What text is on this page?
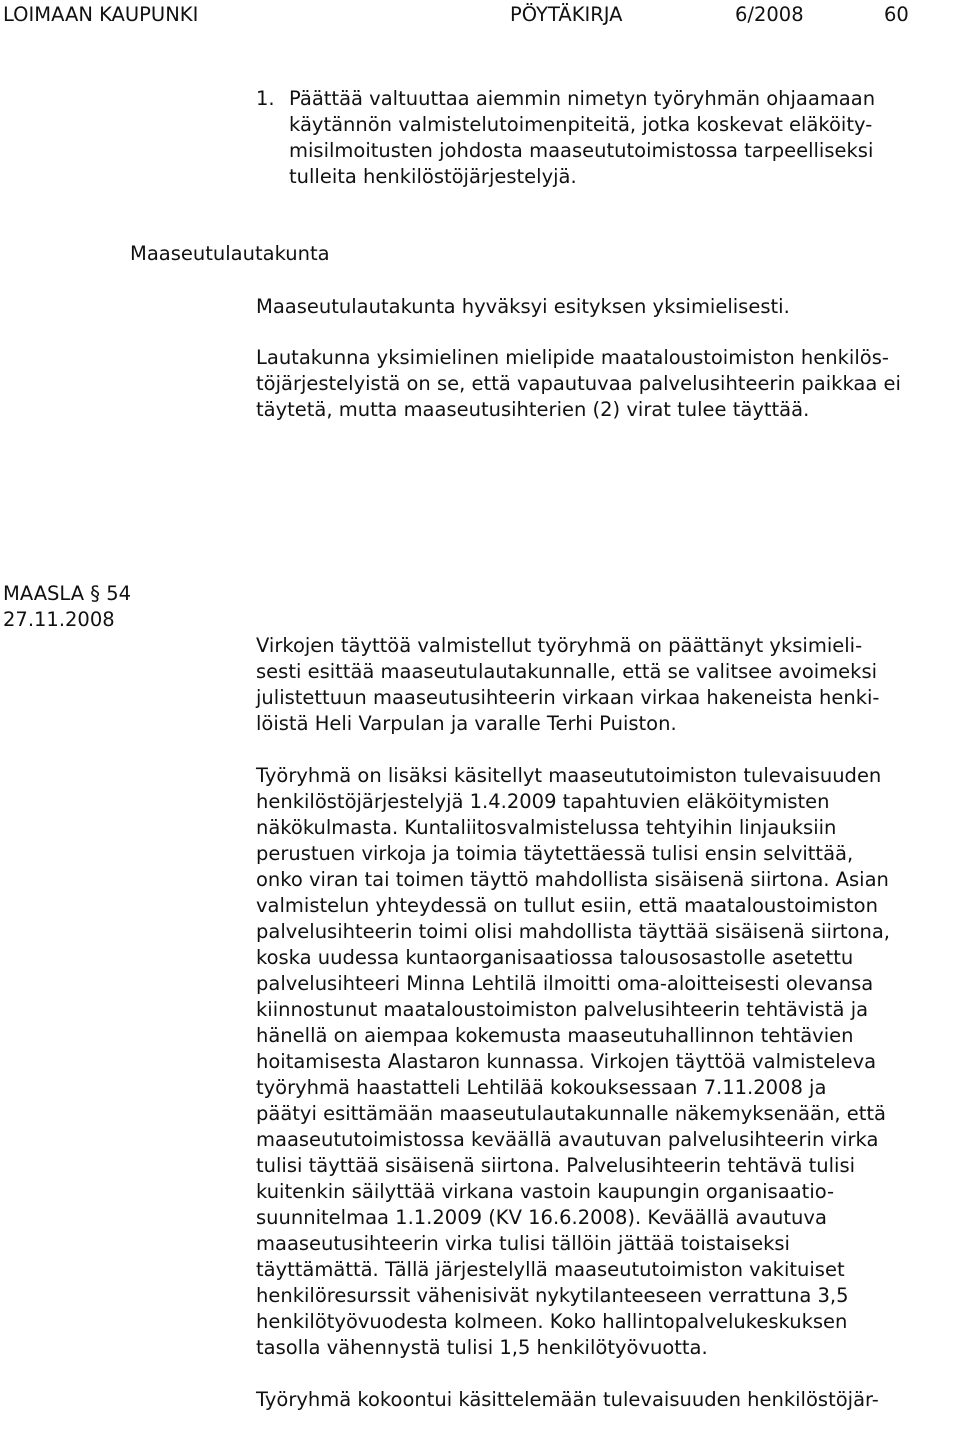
LOIMAAN KAUPUNKI	PÖYTÄKIRJA	6/2008	60
1. Päättää valtuuttaa aiemmin nimetyn työryhmän ohjaamaan
käytännön valmistelutoimenpiteitä, jotka koskevat eläköity-
misilmoitusten johdosta maaseututoimistossa tarpeelliseksi
tulleita henkilöstöjärjestelyjä.
Maaseutulautakunta
Maaseutulautakunta hyväksyi esityksen yksimielisesti.
Lautakunna yksimielinen mielipide maataloustoimiston henkilös-
töjärjestelyistä on se, että vapautuvaa palvelusihteerin paikkaa ei
täytetä, mutta maaseutusihterien (2) virat tulee täyttää.
MAASLA § 54
27.11.2008
Virkojen täyttöä valmistellut työryhmä on päättänyt yksimieli-
sesti esittää maaseutulautakunnalle, että se valitsee avoimeksi
julistettuun maaseutusihteerin virkaan virkaa hakeneista henki-
löistä Heli Varpulan ja varalle Terhi Puiston.
Työryhmä on lisäksi käsitellyt maaseututoimiston tulevaisuuden
henkilöstöjärjestelyjä 1.4.2009 tapahtuvien eläköitymisten
näkökulmasta. Kuntaliitosvalmistelussa tehtyihin linjauksiin
perustuen virkoja ja toimia täytettäessä tulisi ensin selvittää,
onko viran tai toimen täyttö mahdollista sisäisenä siirtona. Asian
valmistelun yhteydessä on tullut esiin, että maataloustoimiston
palvelusihteerin toimi olisi mahdollista täyttää sisäisenä siirtona,
koska uudessa kuntaorganisaatiossa talousosastolle asetettu
palvelusihteeri Minna Lehtilä ilmoitti oma-aloitteisesti olevansa
kiinnostunut maataloustoimiston palvelusihteerin tehtävistä ja
hänellä on aiempaa kokemusta maaseutuhallinnon tehtävien
hoitamisesta Alastaron kunnassa. Virkojen täyttöä valmisteleva
työryhmä haastatteli Lehtilää kokouksessaan 7.11.2008 ja
päätyi esittämään maaseutulautakunnalle näkemyksenään, että
maaseututoimistossa keväällä avautuvan palvelusihteerin virka
tulisi täyttää sisäisenä siirtona. Palvelusihteerin tehtävä tulisi
kuitenkin säilyttää virkana vastoin kaupungin organisaatio-
suunnitelmaa 1.1.2009 (KV 16.6.2008). Keväällä avautuva
maaseutusihteerin virka tulisi tällöin jättää toistaiseksi
täyttämättä. Tällä järjestelyllä maaseututoimiston vakituiset
henkilöresurssit vähenisivät nykytilanteeseen verrattuna 3,5
henkilötyövuodesta kolmeen. Koko hallintopalvelukeskuksen
tasolla vähennystä tulisi 1,5 henkilötyövuotta.
Työryhmä kokoontui käsittelemään tulevaisuuden henkilöstöjär-
